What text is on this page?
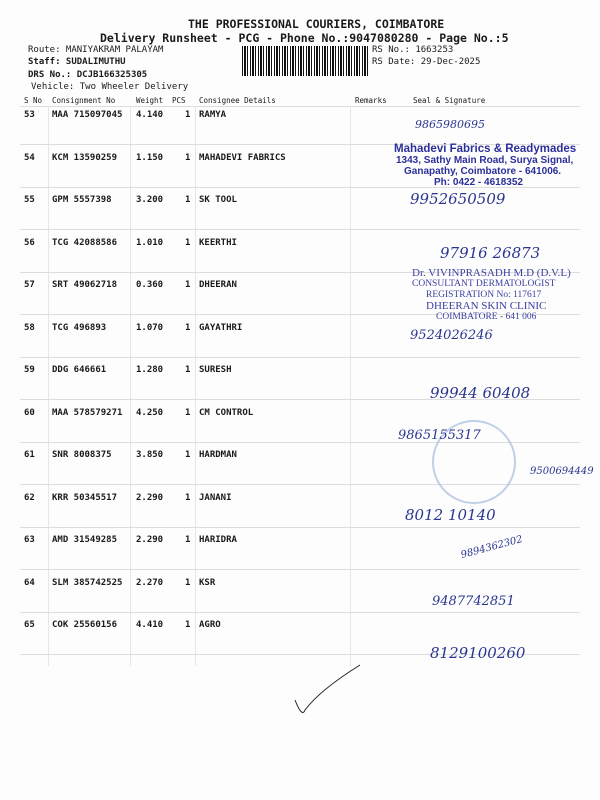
THE PROFESSIONAL COURIERS, COIMBATORE
Delivery Runsheet - PCG - Phone No.:9047080280 - Page No.:5
Route: MANIYAKRAM PALAYAM
Staff: SUDALIMUTHU
DRS No.: DCJB166325305
Vehicle: Two Wheeler Delivery
RS No.: 1663253
RS Date: 29-Dec-2025
S No Consignment No	Weight PCS Consignee Details	Remarks	Seal & Signature
53 MAA 715097045 4.140 1 RAMYA
54 KCM 13590259 1.150 1 MAHADEVI FABRICS
55 GPM 5557398	3.200 1 SK TOOL
56 TCG 42088586 1.010 1 KEERTHI
57 SRT 49062718 0.360 1 DHEERAN
58 TCG 496893	1.070 1 GAYATHRI
59 DDG 646661	1.280 1 SURESH
60 MAA 578579271 4.250 1 CM CONTROL
61 SNR 8008375	3.850 1 HARDMAN
62 KRR 50345517 2.290 1 JANANI
63 AMD 31549285 2.290 1 HARIDRA
64 SLM 385742525 2.270 1 KSR
65 COK 25560156 4.410 1 AGRO
Mahadevi Fabrics & Readymades
1343, Sathy Main Road, Surya Signal,
Ganapathy, Coimbatore - 641006.
Ph: 0422 - 4618352
Dr. VIVINPRASADH M.D (D.V.L)
CONSULTANT DERMATOLOGIST
REGISTRATION No: 117617
DHEERAN SKIN CLINIC
COIMBATORE - 641 006
9865980695
9952650509
97916 26873
9524026246
99944 60408
9865155317
9500694449
8012 10140
9894362302
9487742851
8129100260
